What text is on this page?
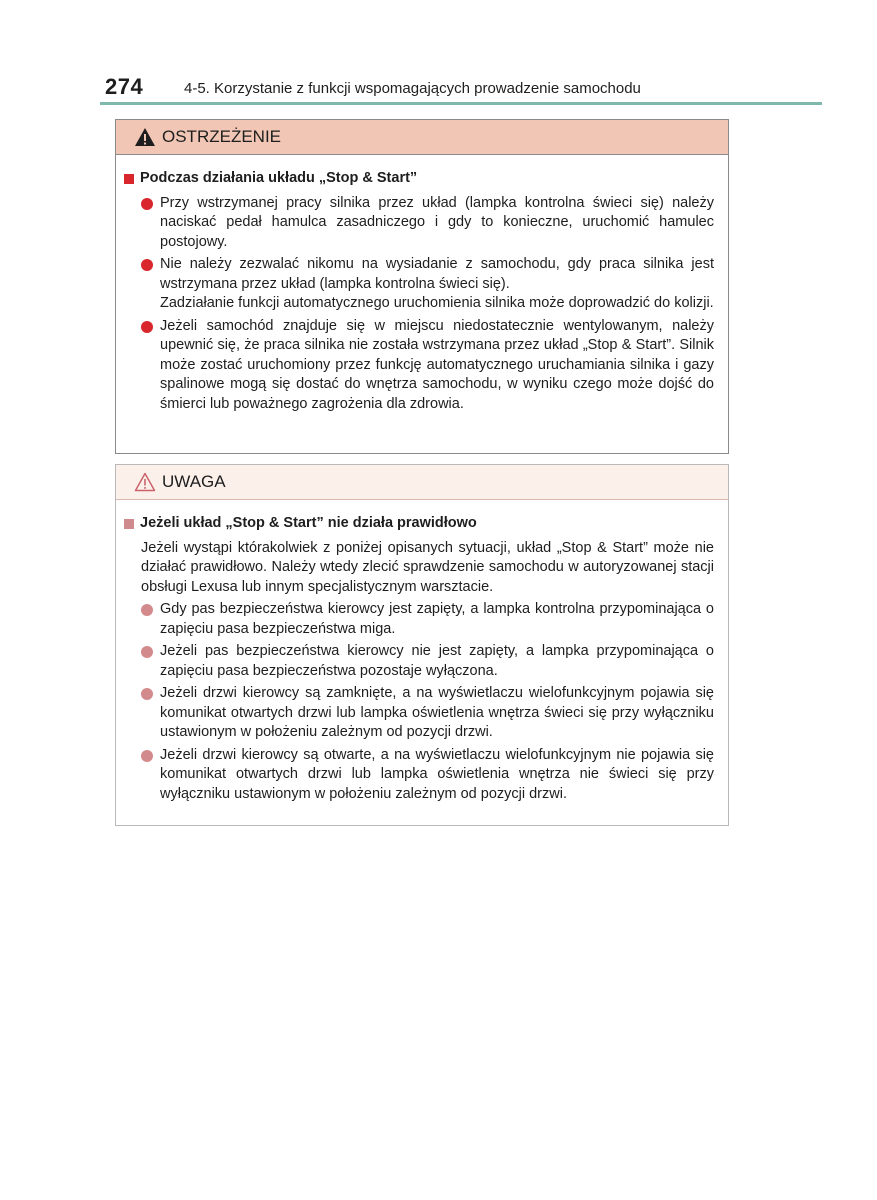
274	4-5. Korzystanie z funkcji wspomagających prowadzenie samochodu
OSTRZEŻENIE
Podczas działania układu „Stop & Start”
Przy wstrzymanej pracy silnika przez układ (lampka kontrolna świeci się) należy naciskać pedał hamulca zasadniczego i gdy to konieczne, uruchomić hamulec postojowy.
Nie należy zezwalać nikomu na wysiadanie z samochodu, gdy praca silnika jest wstrzymana przez układ (lampka kontrolna świeci się).
Zadziałanie funkcji automatycznego uruchomienia silnika może doprowadzić do kolizji.
Jeżeli samochód znajduje się w miejscu niedostatecznie wentylowanym, należy upewnić się, że praca silnika nie została wstrzymana przez układ „Stop & Start”. Silnik może zostać uruchomiony przez funkcję automatycznego uruchamiania silnika i gazy spalinowe mogą się dostać do wnętrza samochodu, w wyniku czego może dojść do śmierci lub poważnego zagrożenia dla zdrowia.
UWAGA
Jeżeli układ „Stop & Start” nie działa prawidłowo
Jeżeli wystąpi którakolwiek z poniżej opisanych sytuacji, układ „Stop & Start” może nie działać prawidłowo. Należy wtedy zlecić sprawdzenie samochodu w autoryzowanej stacji obsługi Lexusa lub innym specjalistycznym warsztacie.
Gdy pas bezpieczeństwa kierowcy jest zapięty, a lampka kontrolna przypominająca o zapięciu pasa bezpieczeństwa miga.
Jeżeli pas bezpieczeństwa kierowcy nie jest zapięty, a lampka przypominająca o zapięciu pasa bezpieczeństwa pozostaje wyłączona.
Jeżeli drzwi kierowcy są zamknięte, a na wyświetlaczu wielofunkcyjnym pojawia się komunikat otwartych drzwi lub lampka oświetlenia wnętrza świeci się przy wyłączniku ustawionym w położeniu zależnym od pozycji drzwi.
Jeżeli drzwi kierowcy są otwarte, a na wyświetlaczu wielofunkcyjnym nie pojawia się komunikat otwartych drzwi lub lampka oświetlenia wnętrza nie świeci się przy wyłączniku ustawionym w położeniu zależnym od pozycji drzwi.
